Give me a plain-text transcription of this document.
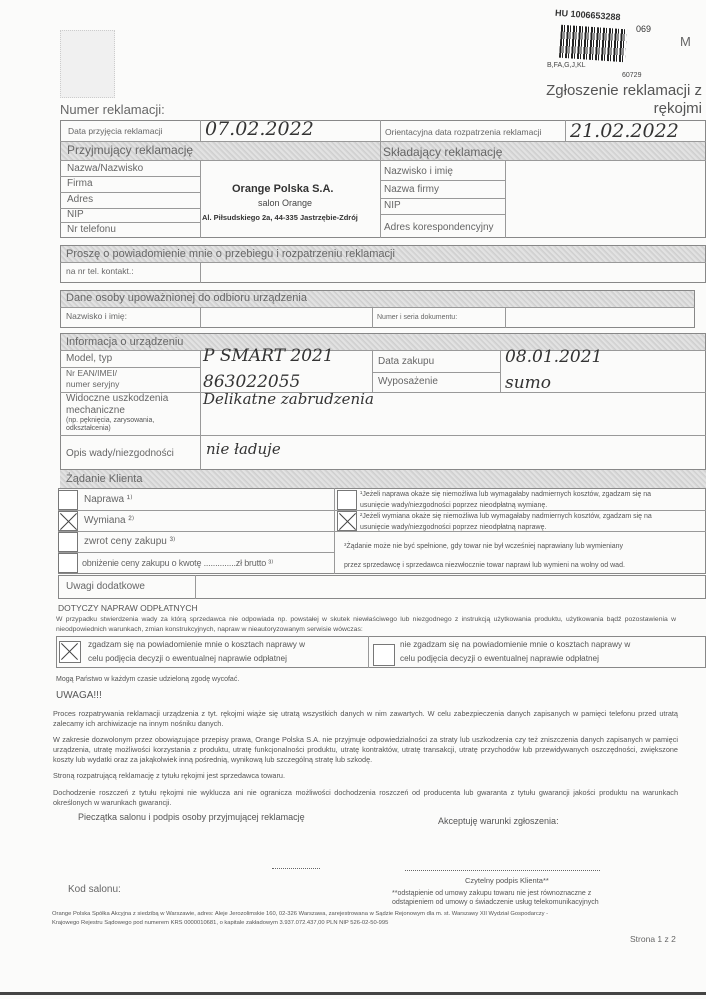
HU 1006653288
069
M
B,FA,G,J,KL
60729
Zgłoszenie reklamacji z
rękojmi
Numer reklamacji:
Data przyjęcia reklamacji 07.02.2022	Orientacyjna data rozpatrzenia reklamacji 21.02.2022
Przyjmujący reklamację	Składający reklamację
Nazwa/Nazwisko
Firma
Adres
NIP
Nr telefonu
Orange Polska S.A.
salon Orange
Al. Piłsudskiego 2a, 44-335 Jastrzębie-Zdrój
Nazwisko i imię
Nazwa firmy
NIP
Adres korespondencyjny
Proszę o powiadomienie mnie o przebiegu i rozpatrzeniu reklamacji
na nr tel. kontakt.:
Dane osoby upoważnionej do odbioru urządzenia
Nazwisko i imię:	Numer i seria dokumentu:
Informacja o urządzeniu
Model, typ	P SMART 2021
Nr EAN/IMEI/
numer seryjny	863022055
Data zakupu	08.01.2021
Wyposażenie	sumo
Widoczne uszkodzenia
mechaniczne
(np. pęknięcia, zarysowania,
odkształcenia)
Delikatne zabrudzenia
Opis wady/niezgodności nie ładuje
Żądanie Klienta
Naprawa ¹⁾
Wymiana ²⁾
zwrot ceny zakupu ³⁾
obniżenie ceny zakupu o kwotę ..............zł brutto ³⁾
¹Jeżeli naprawa okaże się niemożliwa lub wymagałaby nadmiernych kosztów, zgadzam się na
usunięcie wady/niezgodności poprzez nieodpłatną wymianę.
²Jeżeli wymiana okaże się niemożliwa lub wymagałaby nadmiernych kosztów, zgadzam się na
usunięcie wady/niezgodności poprzez nieodpłatną naprawę.
³Żądanie może nie być spełnione, gdy towar nie był wcześniej naprawiany lub wymieniany
przez sprzedawcę i sprzedawca niezwłocznie towar naprawi lub wymieni na wolny od wad.
Uwagi dodatkowe
DOTYCZY NAPRAW ODPŁATNYCH
W przypadku stwierdzenia wady za którą sprzedawca nie odpowiada np. powstałej w skutek niewłaściwego lub niezgodnego z instrukcją użytkowania produktu, użytkowania bądź pozostawienia w nieodpowiednich warunkach, zmian konstrukcyjnych, napraw w nieautoryzowanym serwisie wówczas:
zgadzam się na powiadomienie mnie o kosztach naprawy w
celu podjęcia decyzji o ewentualnej naprawie odpłatnej
nie zgadzam się na powiadomienie mnie o kosztach naprawy w
celu podjęcia decyzji o ewentualnej naprawie odpłatnej
Mogą Państwo w każdym czasie udzieloną zgodę wycofać.
UWAGA!!!
Proces rozpatrywania reklamacji urządzenia z tyt. rękojmi wiąże się utratą wszystkich danych w nim zawartych. W celu zabezpieczenia danych zapisanych w pamięci telefonu przed utratą zalecamy ich archiwizacje na innym nośniku danych.
W zakresie dozwolonym przez obowiązujące przepisy prawa, Orange Polska S.A. nie przyjmuje odpowiedzialności za straty lub uszkodzenia czy też zniszczenia danych zapisanych w pamięci urządzenia, utratę możliwości korzystania z produktu, utratę funkcjonalności produktu, utratę kontraktów, utratę transakcji, utratę przychodów lub przewidywanych oszczędności, zwiększone koszty lub wydatki oraz za jakąkolwiek inną pośrednią, wynikową lub szczególną stratę lub szkodę.
Stroną rozpatrującą reklamację z tytułu rękojmi jest sprzedawca towaru.
Dochodzenie roszczeń z tytułu rękojmi nie wyklucza ani nie ogranicza możliwości dochodzenia roszczeń od producenta lub gwaranta z tytułu gwarancji jakości produktu na warunkach określonych w warunkach gwarancji.
Pieczątka salonu i podpis osoby przyjmującej reklamację	Akceptuję warunki zgłoszenia:
Czytelny podpis Klienta**
Kod salonu:	**odstąpienie od umowy zakupu towaru nie jest równoznaczne z
odstąpieniem od umowy o świadczenie usług telekomunikacyjnych
Orange Polska Spółka Akcyjna z siedzibą w Warszawie, adres: Aleje Jerozolimskie 160, 02-326 Warszawa, zarejestrowana w Sądzie Rejonowym dla m. st. Warszawy XII Wydział Gospodarczy -
Krajowego Rejestru Sądowego pod numerem KRS 0000010681, o kapitale zakładowym 3.937.072.437,00 PLN NIP 526-02-50-995
Strona 1 z 2
